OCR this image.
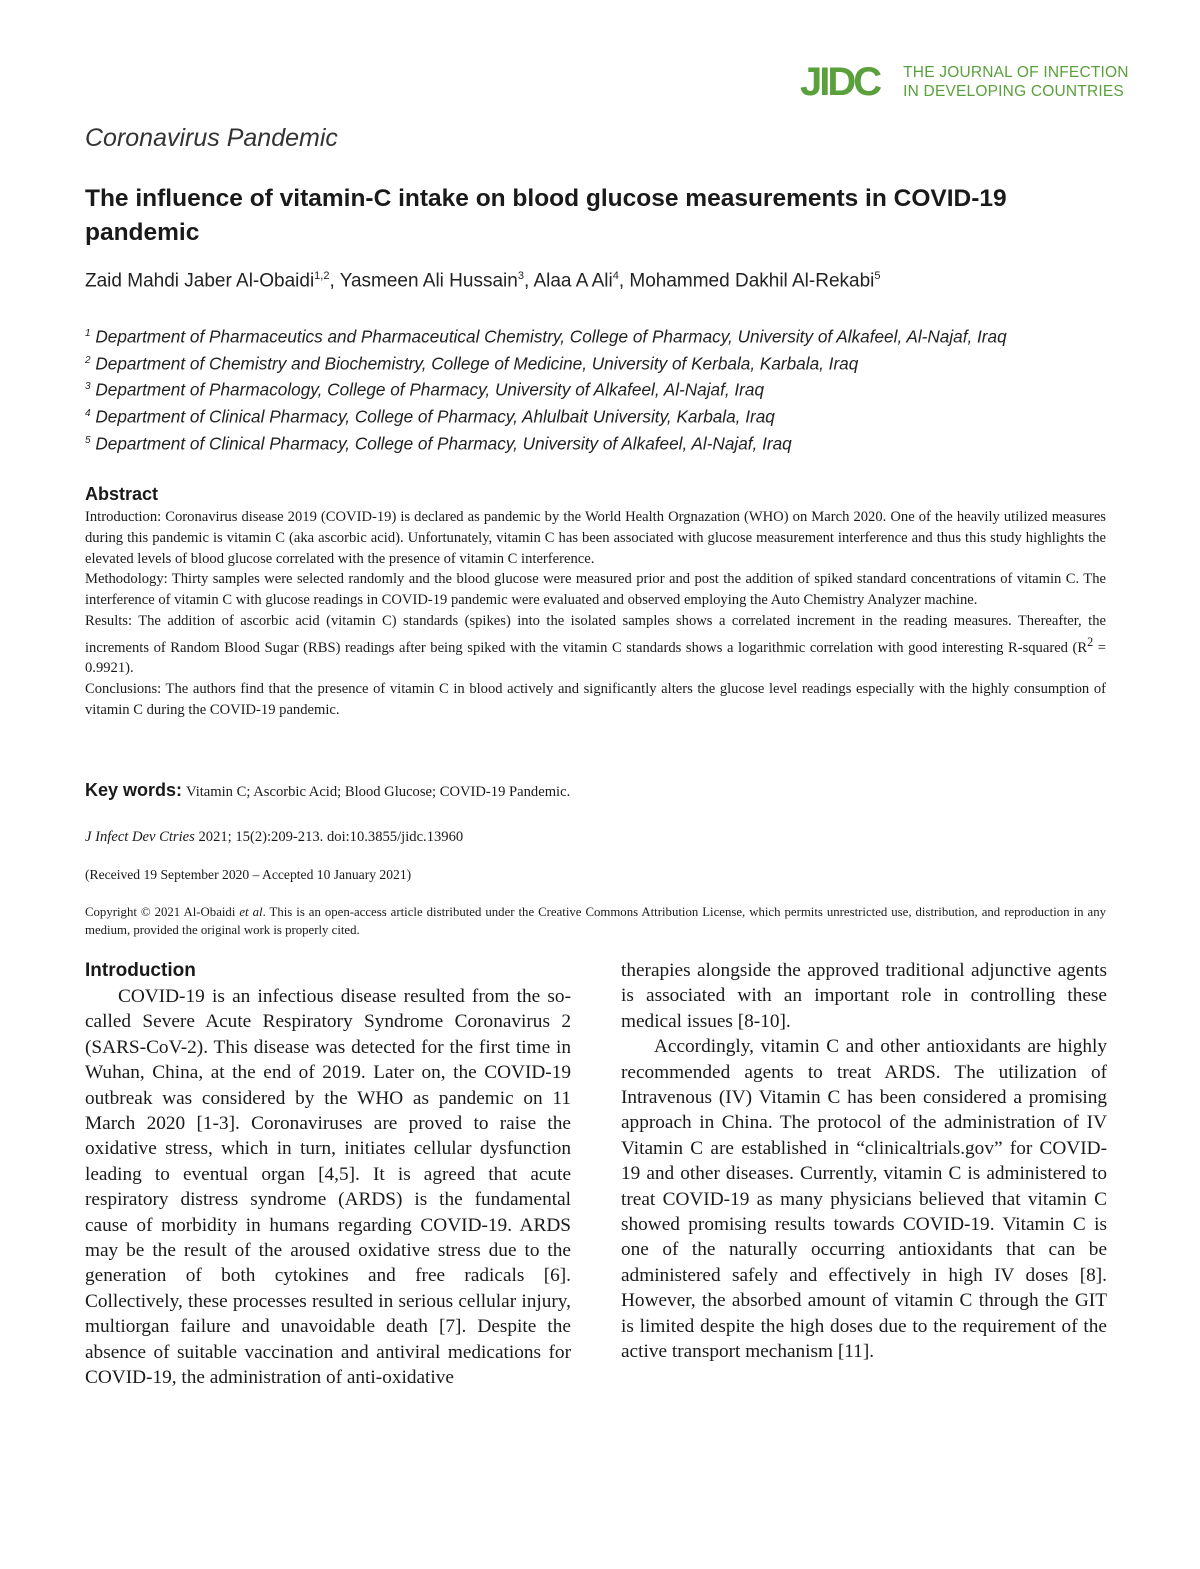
JIDC THE JOURNAL OF INFECTION
IN DEVELOPING COUNTRIES
Coronavirus Pandemic
The influence of vitamin-C intake on blood glucose measurements in COVID-19 pandemic
Zaid Mahdi Jaber Al-Obaidi$^{1,2}$, Yasmeen Ali Hussain$^3$, Alaa A Ali$^4$, Mohammed Dakhil Al-Rekabi$^5$
$^1$ Department of Pharmaceutics and Pharmaceutical Chemistry, College of Pharmacy, University of Alkafeel, Al-Najaf, Iraq
$^2$ Department of Chemistry and Biochemistry, College of Medicine, University of Kerbala, Karbala, Iraq
$^3$ Department of Pharmacology, College of Pharmacy, University of Alkafeel, Al-Najaf, Iraq
$^4$ Department of Clinical Pharmacy, College of Pharmacy, Ahlulbait University, Karbala, Iraq
$^5$ Department of Clinical Pharmacy, College of Pharmacy, University of Alkafeel, Al-Najaf, Iraq
Abstract

Introduction: Coronavirus disease 2019 (COVID-19) is declared as pandemic by the World Health Orgnazation (WHO) on March 2020. One of the heavily utilized measures during this pandemic is vitamin C (aka ascorbic acid). Unfortunately, vitamin C has been associated with glucose measurement interference and thus this study highlights the elevated levels of blood glucose correlated with the presence of vitamin C interference.

Methodology: Thirty samples were selected randomly and the blood glucose were measured prior and post the addition of spiked standard concentrations of vitamin C. The interference of vitamin C with glucose readings in COVID-19 pandemic were evaluated and observed employing the Auto Chemistry Analyzer machine.

Results: The addition of ascorbic acid (vitamin C) standards (spikes) into the isolated samples shows a correlated increment in the reading measures. Thereafter, the increments of Random Blood Sugar (RBS) readings after being spiked with the vitamin C standards shows a logarithmic correlation with good interesting R-squared $(R^2 = 0.9921)$.

Conclusions: The authors find that the presence of vitamin C in blood actively and significantly alters the glucose level readings especially with the highly consumption of vitamin C during the COVID-19 pandemic.

Key words: Vitamin C; Ascorbic Acid; Blood Glucose; COVID-19 Pandemic.
J Infect Dev Ctries 2021; 15(2):209-213. doi:10.3855/jidc.13960
(Received 19 September 2020 – Accepted 10 January 2021)
Copyright © 2021 Al-Obaidi et al. This is an open-access article distributed under the Creative Commons Attribution License, which permits unrestricted use, distribution, and reproduction in any medium, provided the original work is properly cited.
Introduction

COVID-19 is an infectious disease resulted from the so-called Severe Acute Respiratory Syndrome Coronavirus 2 (SARS-CoV-2). This disease was detected for the first time in Wuhan, China, at the end of 2019. Later on, the COVID-19 outbreak was considered by the WHO as pandemic on 11 March 2020 [1-3]. Coronaviruses are proved to raise the oxidative stress, which in turn, initiates cellular dysfunction leading to eventual organ [4,5]. It is agreed that acute respiratory distress syndrome (ARDS) is the fundamental cause of morbidity in humans regarding COVID-19. ARDS may be the result of the aroused oxidative stress due to the generation of both cytokines and free radicals [6]. Collectively, these processes resulted in serious cellular injury, multiorgan failure and unavoidable death [7]. Despite the absence of suitable vaccination and antiviral medications for COVID-19, the administration of anti-oxidative

therapies alongside the approved traditional adjunctive agents is associated with an important role in controlling these medical issues [8-10].

Accordingly, vitamin C and other antioxidants are highly recommended agents to treat ARDS. The utilization of Intravenous (IV) Vitamin C has been considered a promising approach in China. The protocol of the administration of IV Vitamin C are established in “clinicaltrials.gov” for COVID-19 and other diseases. Currently, vitamin C is administered to treat COVID-19 as many physicians believed that vitamin C showed promising results towards COVID-19. Vitamin C is one of the naturally occurring antioxidants that can be administered safely and effectively in high IV doses [8]. However, the absorbed amount of vitamin C through the GIT is limited despite the high doses due to the requirement of the active transport mechanism [11].
